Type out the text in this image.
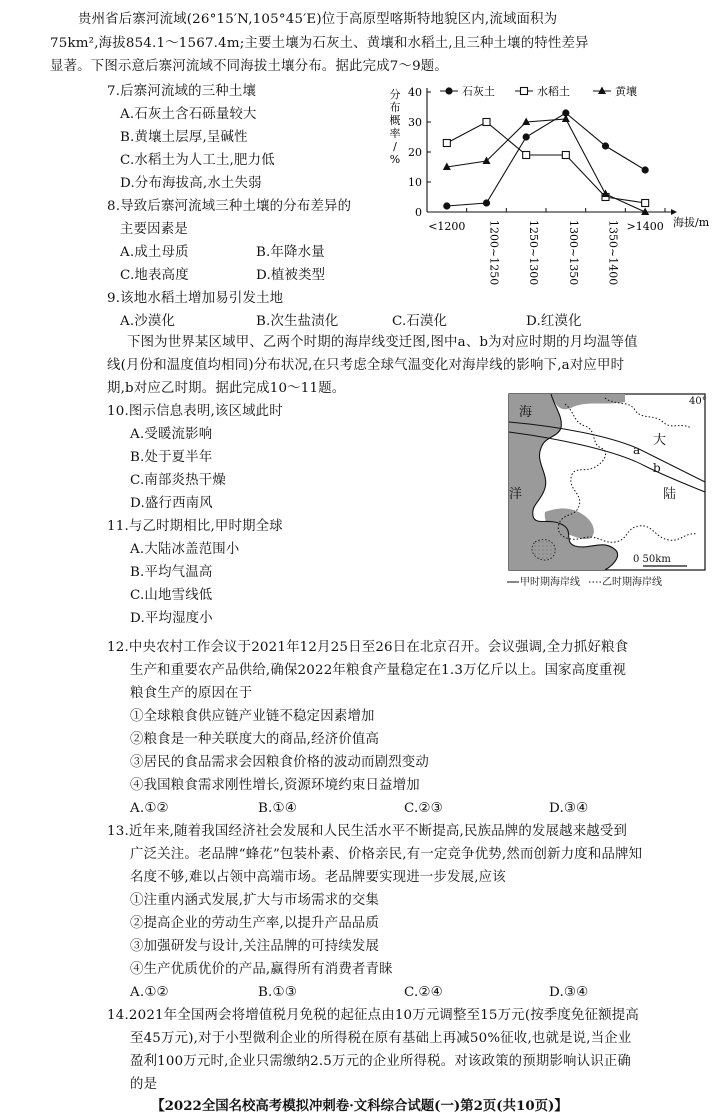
贵州省后寨河流域(26°15′N,105°45′E)位于高原型喀斯特地貌区内,流域面积为
75km²,海拔854.1～1567.4m;主要土壤为石灰土、黄壤和水稻土,且三种土壤的特性差异
显著。下图示意后寨河流域不同海拔土壤分布。据此完成7～9题。
7.后寨河流域的三种土壤
A.石灰土含石砾量较大
B.黄壤土层厚,呈碱性
C.水稻土为人工土,肥力低
D.分布海拔高,水土失弱
8.导致后寨河流域三种土壤的分布差异的
主要因素是
A.成土母质	B.年降水量
C.地表高度	D.植被类型
9.该地水稻土增加易引发土地
A.沙漠化	B.次生盐渍化	C.石漠化	D.红漠化
0
10
20
30
40
分
布
概
率
/
%
<1200 1200~1250 1250~1300 1300~1350 1350~1400 >1400 海拔/m
石灰土	水稻土	黄壤
下图为世界某区域甲、乙两个时期的海岸线变迁图,图中a、b为对应时期的月均温等值
线(月份和温度值均相同)分布状况,在只考虑全球气温变化对海岸线的影响下,a对应甲时
期,b对应乙时期。据此完成10～11题。
10.图示信息表明,该区域此时
A.受暖流影响
B.处于夏半年
C.南部炎热干燥
D.盛行西南风
11.与乙时期相比,甲时期全球
A.大陆冰盖范围小
B.平均气温高
C.山地雪线低
D.平均湿度小
海
洋
大
陆
a
b
40°
0 50km
甲时期海岸线 乙时期海岸线
12.中央农村工作会议于2021年12月25日至26日在北京召开。会议强调,全力抓好粮食
生产和重要农产品供给,确保2022年粮食产量稳定在1.3万亿斤以上。国家高度重视
粮食生产的原因在于
①全球粮食供应链产业链不稳定因素增加
②粮食是一种关联度大的商品,经济价值高
③居民的食品需求会因粮食价格的波动而剧烈变动
④我国粮食需求刚性增长,资源环境约束日益增加
A.①②	B.①④	C.②③	D.③④
13.近年来,随着我国经济社会发展和人民生活水平不断提高,民族品牌的发展越来越受到
广泛关注。老品牌“蜂花”包装朴素、价格亲民,有一定竞争优势,然而创新力度和品牌知
名度不够,难以占领中高端市场。老品牌要实现进一步发展,应该
①注重内涵式发展,扩大与市场需求的交集
②提高企业的劳动生产率,以提升产品品质
③加强研发与设计,关注品牌的可持续发展
④生产优质优价的产品,赢得所有消费者青睐
A.①②	B.①③	C.②④	D.③④
14.2021年全国两会将增值税月免税的起征点由10万元调整至15万元(按季度免征额提高
至45万元),对于小型微利企业的所得税在原有基础上再减50%征收,也就是说,当企业
盈利100万元时,企业只需缴纳2.5万元的企业所得税。对该政策的预期影响认识正确
的是
【2022全国名校高考模拟冲刺卷·文科综合试题(一)第2页(共10页)】
